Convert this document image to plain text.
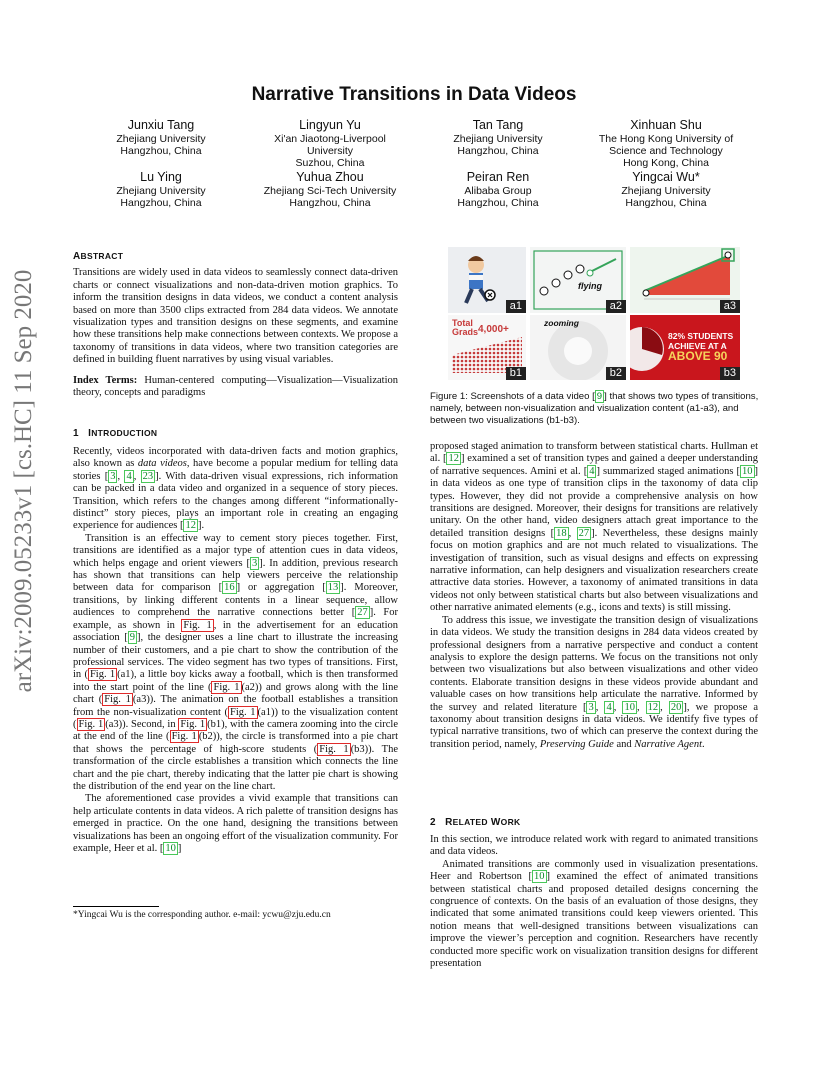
arXiv:2009.05233v1 [cs.HC] 11 Sep 2020
Narrative Transitions in Data Videos
Junxiu Tang
Zhejiang University
Hangzhou, China
Lingyun Yu
Xi'an Jiaotong-Liverpool
University
Suzhou, China
Tan Tang
Zhejiang University
Hangzhou, China
Xinhuan Shu
The Hong Kong University of
Science and Technology
Hong Kong, China
Lu Ying
Zhejiang University
Hangzhou, China
Yuhua Zhou
Zhejiang Sci-Tech University
Hangzhou, China
Peiran Ren
Alibaba Group
Hangzhou, China
Yingcai Wu*
Zhejiang University
Hangzhou, China
ABSTRACT

Transitions are widely used in data videos to seamlessly connect data-driven charts or connect visualizations and non-data-driven motion graphics. To inform the transition designs in data videos, we conduct a content analysis based on more than 3500 clips extracted from 284 data videos. We annotate visualization types and transition designs on these segments, and examine how these transitions help make connections between contexts. We propose a taxonomy of transitions in data videos, where two transition categories are defined in building fluent narratives by using visual variables.

Index Terms: Human-centered computing—Visualization—Visualization theory, concepts and paradigms

1 INTRODUCTION

Recently, videos incorporated with data-driven facts and motion graphics, also known as data videos, have become a popular medium for telling data stories [ 3 , 4 , 23 ]. With data-driven visual expressions, rich information can be packed in a data video and organized in a sequence of story pieces. Transition, which refers to the changes among different “informationally-distinct” story pieces, plays an important role in creating an engaging experience for audiences [ 12 ].

Transition is an effective way to cement story pieces together. First, transitions are identified as a major type of attention cues in data videos, which helps engage and orient viewers [ 3 ]. In addition, previous research has shown that transitions can help viewers perceive the relationship between data for comparison [ 16 ] or aggregation [ 13 ]. Moreover, transitions, by linking different contents in a linear sequence, allow audiences to comprehend the narrative connections better [ 27 ]. For example, as shown in Fig. 1 , in the advertisement for an education association [ 9 ], the designer uses a line chart to illustrate the increasing number of their customers, and a pie chart to show the contribution of the professional services. The video segment has two types of transitions. First, in ( Fig. 1 (a1), a little boy kicks away a football, which is then transformed into the start point of the line ( Fig. 1 (a2)) and grows along with the line chart ( Fig. 1 (a3)). The animation on the football establishes a transition from the non-visualization content ( Fig. 1 (a1)) to the visualization content ( Fig. 1 (a3)). Second, in Fig. 1 (b1), with the camera zooming into the circle at the end of the line ( Fig. 1 (b2)), the circle is transformed into a pie chart that shows the percentage of high-score students ( Fig. 1 (b3)). The transformation of the circle establishes a transition which connects the line chart and the pie chart, thereby indicating that the latter pie chart is showing the distribution of the end year on the line chart.

The aforementioned case provides a vivid example that transitions can help articulate contents in data videos. A rich palette of transition designs has emerged in practice. On the one hand, designing the transitions between visualizations has been an ongoing effort of the visualization community. For example, Heer et al. [ 10 ]

*Yingcai Wu is the corresponding author. e-mail: ycwu@zju.edu.cn
a1
flying
a2	a3
Total
Grads 4,000+
b1
zooming
b2
82% STUDENTS
ACHIEVE AT A
ABOVE 90
b3
Figure 1: Screenshots of a data video [ 9 ] that shows two types of transitions, namely, between non-visualization and visualization content (a1-a3), and between two visualizations (b1-b3).

proposed staged animation to transform between statistical charts. Hullman et al. [ 12 ] examined a set of transition types and gained a deeper understanding of narrative sequences. Amini et al. [ 4 ] summarized staged animations [ 10 ] in data videos as one type of transition clips in the taxonomy of data clip types. However, they did not provide a comprehensive analysis on how transitions are designed. Moreover, their designs for transitions are relatively unitary. On the other hand, video designers attach great importance to the detailed transition designs [ 18 , 27 ]. Nevertheless, these designs mainly focus on motion graphics and are not much related to visualizations. The investigation of transition, such as visual designs and effects on expressing narrative information, can help designers and visualization researchers create attractive data stories. However, a taxonomy of animated transitions in data videos not only between statistical charts but also between visualizations and other narrative animated elements (e.g., icons and texts) is still missing.

To address this issue, we investigate the transition design of visualizations in data videos. We study the transition designs in 284 data videos created by professional designers from a narrative perspective and conduct a content analysis to explore the design patterns. We focus on the transitions not only between two visualizations but also between visualizations and other video contents. Elaborate transition designs in these videos provide abundant and valuable cases on how transitions help articulate the narrative. Informed by the survey and related literature [ 3 , 4 , 10 , 12 , 20 ], we propose a taxonomy about transition designs in data videos. We identify five types of typical narrative transitions, two of which can preserve the context during the transition period, namely, Preserving Guide and Narrative Agent.

2 RELATED WORK

In this section, we introduce related work with regard to animated transitions and data videos.

Animated transitions are commonly used in visualization presentations. Heer and Robertson [ 10 ] examined the effect of animated transitions between statistical charts and proposed detailed designs concerning the congruence of contexts. On the basis of an evaluation of those designs, they indicated that some animated transitions could keep viewers oriented. This notion means that well-designed transitions between visualizations can improve the viewer’s perception and cognition. Researchers have recently conducted more specific work on visualization transition designs for different presentation
